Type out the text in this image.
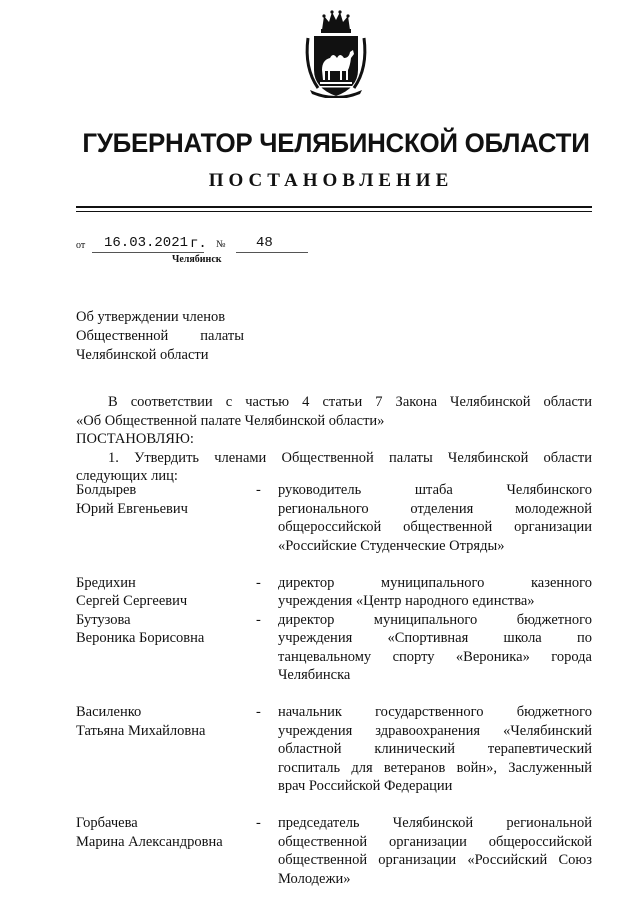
ГУБЕРНАТОР ЧЕЛЯБИНСКОЙ ОБЛАСТИ
ПОСТАНОВЛЕНИЕ
от 16.03.2021 г. № 48
Челябинск
Об утверждении членов
Общественной палаты
Челябинской области
В соответствии с частью 4 статьи 7 Закона Челябинской области
«Об Общественной палате Челябинской области»
ПОСТАНОВЛЯЮ:
1. Утвердить членами Общественной палаты Челябинской области
следующих лиц:
Болдырев
Юрий Евгеньевич
- руководитель штаба Челябинского
регионального отделения молодежной
общероссийской общественной организации
«Российские Студенческие Отряды»
Бредихин
Сергей Сергеевич
- директор муниципального казенного
учреждения «Центр народного единства»
Бутузова
Вероника Борисовна
- директор муниципального бюджетного
учреждения «Спортивная школа по
танцевальному спорту «Вероника» города
Челябинска
Василенко
Татьяна Михайловна
- начальник государственного бюджетного
учреждения здравоохранения «Челябинский
областной клинический терапевтический
госпиталь для ветеранов войн», Заслуженный
врач Российской Федерации
Горбачева
Марина Александровна
- председатель Челябинской региональной
общественной организации общероссийской
общественной организации «Российский Союз
Молодежи»
